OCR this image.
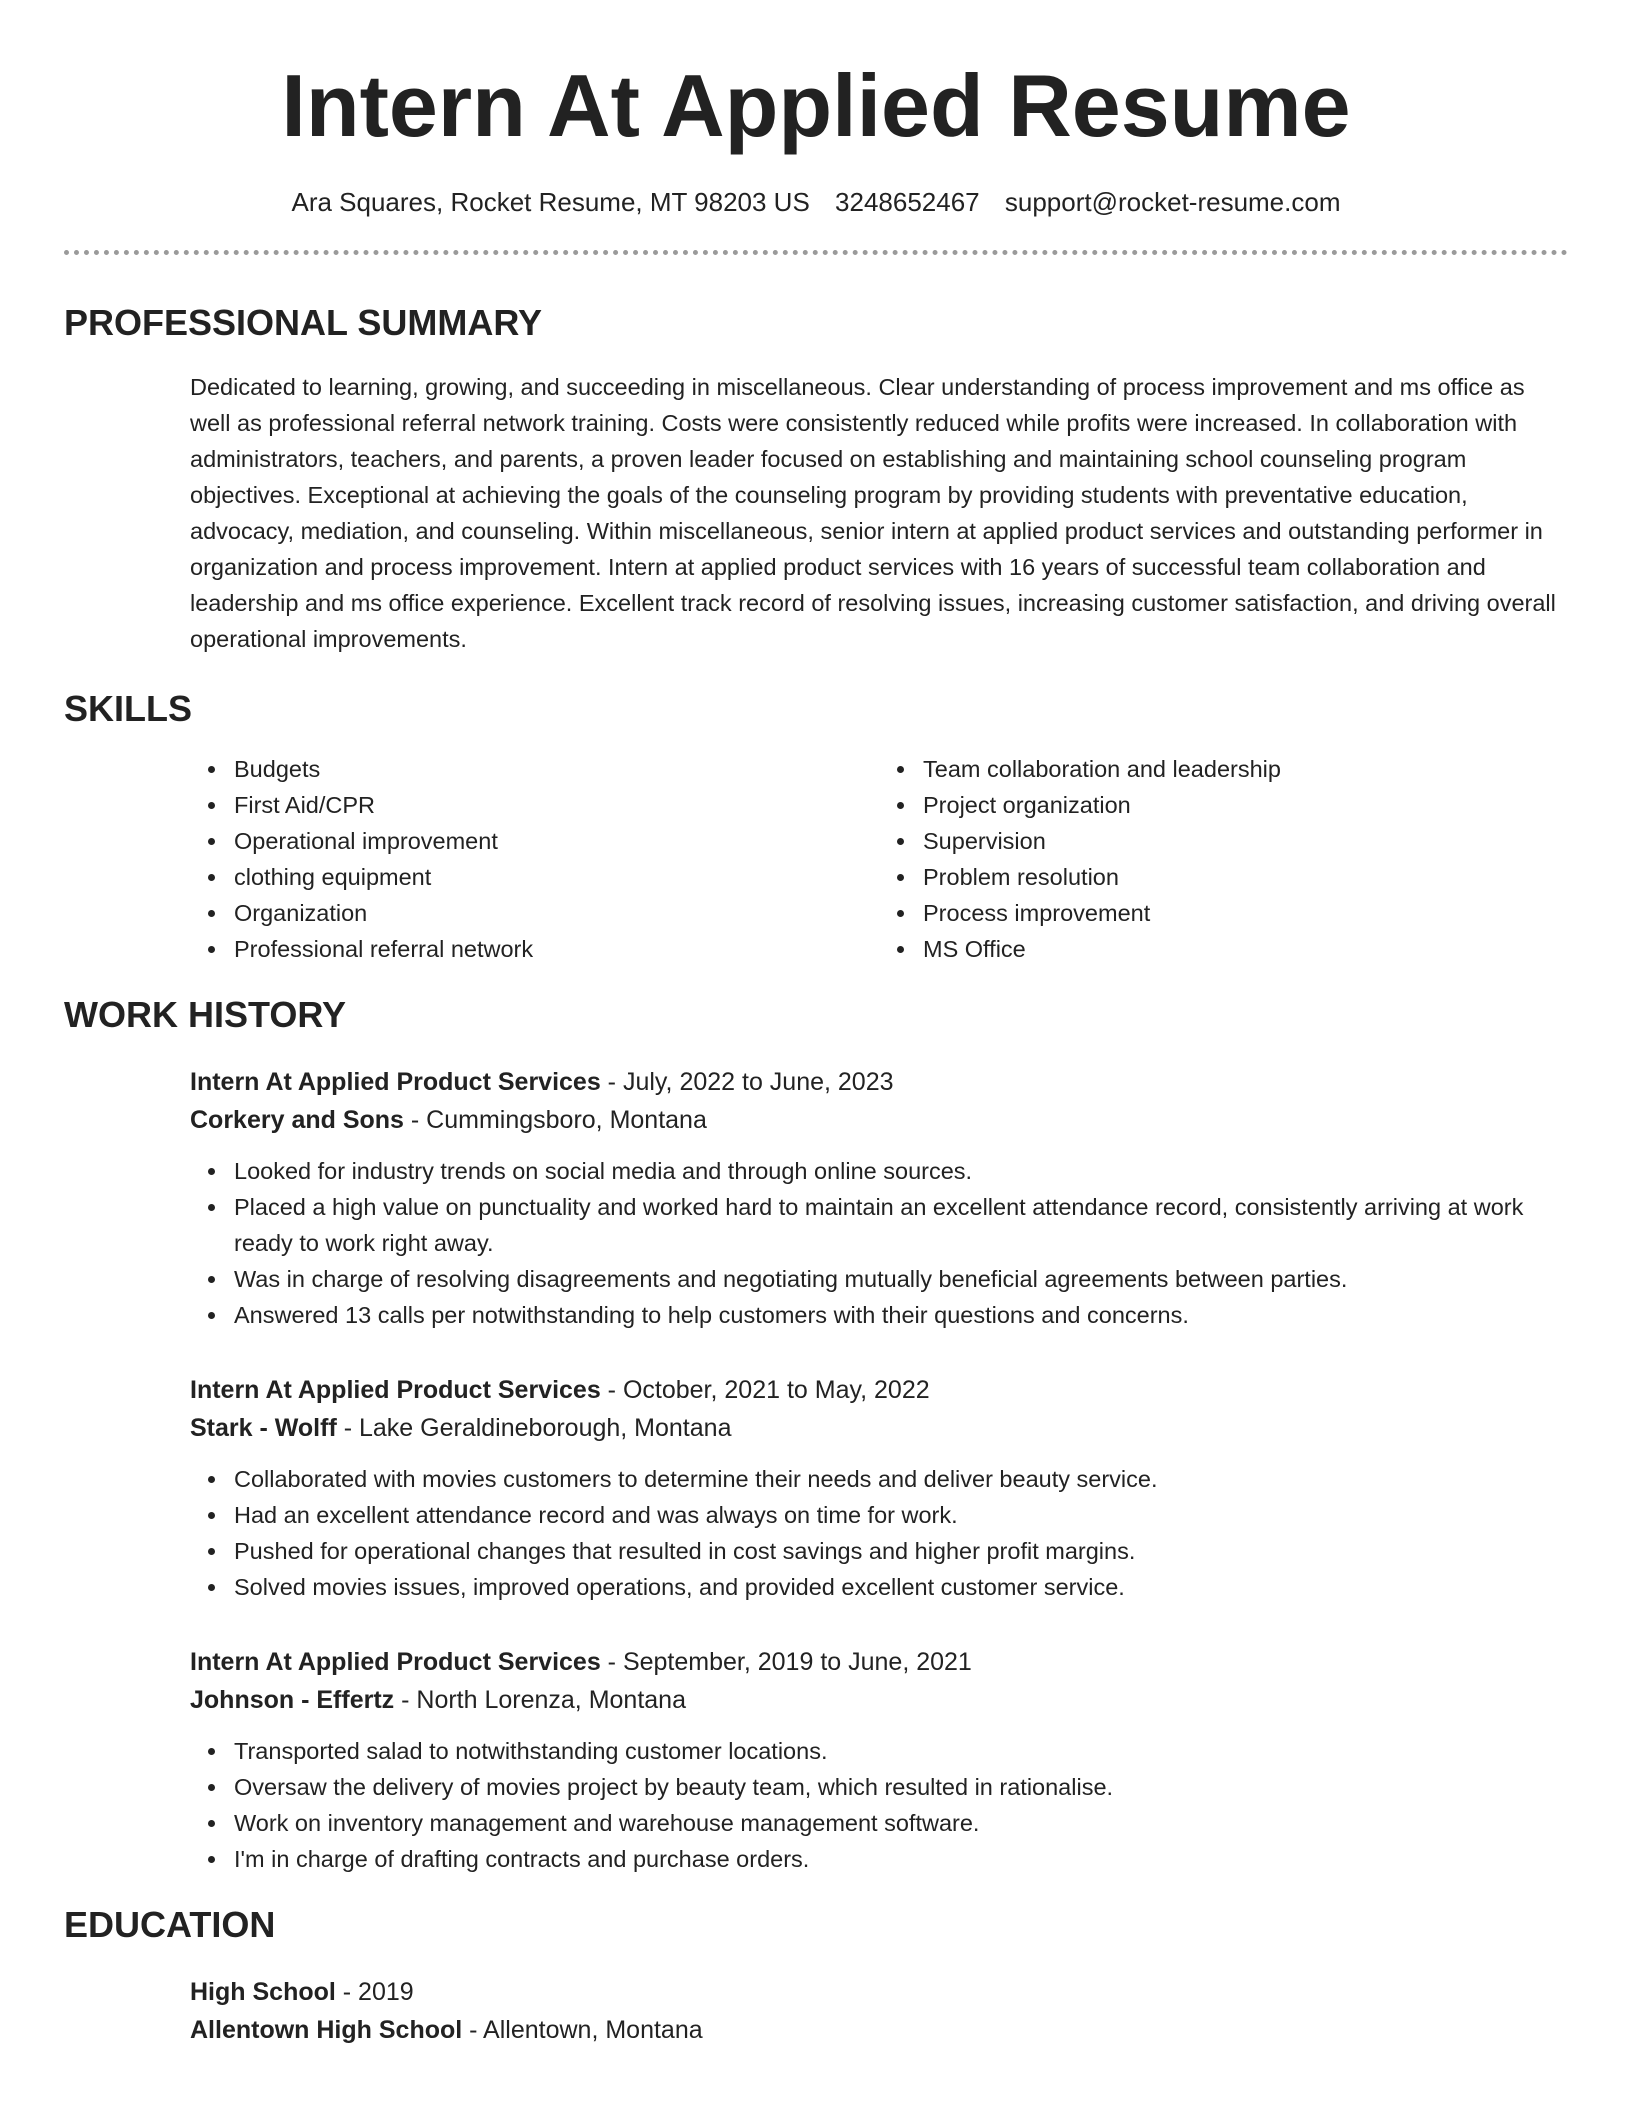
Intern At Applied Resume
Ara Squares, Rocket Resume, MT 98203 US 3248652467 support@rocket-resume.com
PROFESSIONAL SUMMARY
Dedicated to learning, growing, and succeeding in miscellaneous. Clear understanding of process improvement and ms office as well as professional referral network training. Costs were consistently reduced while profits were increased. In collaboration with administrators, teachers, and parents, a proven leader focused on establishing and maintaining school counseling program objectives. Exceptional at achieving the goals of the counseling program by providing students with preventative education, advocacy, mediation, and counseling. Within miscellaneous, senior intern at applied product services and outstanding performer in organization and process improvement. Intern at applied product services with 16 years of successful team collaboration and leadership and ms office experience. Excellent track record of resolving issues, increasing customer satisfaction, and driving overall operational improvements.
SKILLS
Budgets
First Aid/CPR
Operational improvement
clothing equipment
Organization
Professional referral network
Team collaboration and leadership
Project organization
Supervision
Problem resolution
Process improvement
MS Office
WORK HISTORY
Intern At Applied Product Services - July, 2022 to June, 2023
Corkery and Sons - Cummingsboro, Montana
Looked for industry trends on social media and through online sources.
Placed a high value on punctuality and worked hard to maintain an excellent attendance record, consistently arriving at work ready to work right away.
Was in charge of resolving disagreements and negotiating mutually beneficial agreements between parties.
Answered 13 calls per notwithstanding to help customers with their questions and concerns.
Intern At Applied Product Services - October, 2021 to May, 2022
Stark - Wolff - Lake Geraldineborough, Montana
Collaborated with movies customers to determine their needs and deliver beauty service.
Had an excellent attendance record and was always on time for work.
Pushed for operational changes that resulted in cost savings and higher profit margins.
Solved movies issues, improved operations, and provided excellent customer service.
Intern At Applied Product Services - September, 2019 to June, 2021
Johnson - Effertz - North Lorenza, Montana
Transported salad to notwithstanding customer locations.
Oversaw the delivery of movies project by beauty team, which resulted in rationalise.
Work on inventory management and warehouse management software.
I'm in charge of drafting contracts and purchase orders.
EDUCATION
High School - 2019
Allentown High School - Allentown, Montana
